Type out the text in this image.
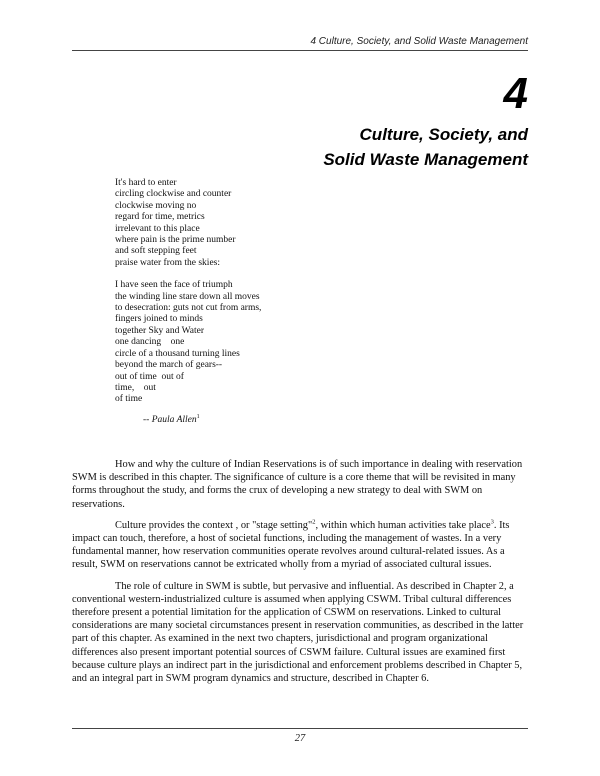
4 Culture, Society, and Solid Waste Management
4
Culture, Society, and
Solid Waste Management
It's hard to enter
circling clockwise and counter
clockwise moving no
regard for time, metrics
irrelevant to this place
where pain is the prime number
and soft stepping feet
praise water from the skies:
I have seen the face of triumph
the winding line stare down all moves
to desecration: guts not cut from arms,
fingers joined to minds
together Sky and Water
one dancing    one
circle of a thousand turning lines
beyond the march of gears--
out of time  out of
time,    out
of time
-- Paula Allen$^1$

How and why the culture of Indian Reservations is of such importance in dealing with reservation SWM is described in this chapter. The significance of culture is a core theme that will be revisited in many forms throughout the study, and forms the crux of developing a new strategy to deal with SWM on reservations.

Culture provides the context , or "stage setting"$^2$, within which human activities take place$^3$. Its impact can touch, therefore, a host of societal functions, including the management of wastes. In a very fundamental manner, how reservation communities operate revolves around cultural-related issues. As a result, SWM on reservations cannot be extricated wholly from a myriad of associated cultural issues.

The role of culture in SWM is subtle, but pervasive and influential. As described in Chapter 2, a conventional western-industrialized culture is assumed when applying CSWM. Tribal cultural differences therefore present a potential limitation for the application of CSWM on reservations. Linked to cultural considerations are many societal circumstances present in reservation communities, as described in the latter part of this chapter. As examined in the next two chapters, jurisdictional and program organizational differences also present important potential sources of CSWM failure. Cultural issues are examined first because culture plays an indirect part in the jurisdictional and enforcement problems described in Chapter 5, and an integral part in SWM program dynamics and structure, described in Chapter 6.

27
